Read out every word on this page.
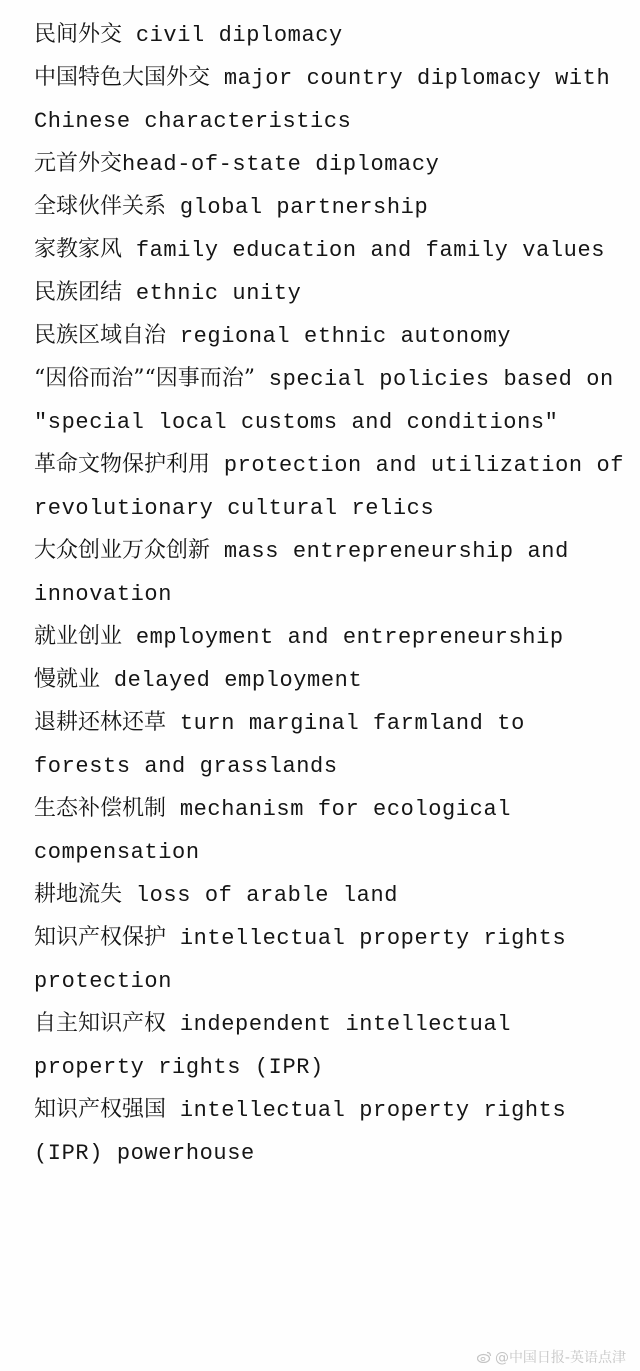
民间外交 civil diplomacy
中国特色大国外交 major country diplomacy with Chinese characteristics
元首外交head-of-state diplomacy
全球伙伴关系 global partnership
家教家风 family education and family values
民族团结 ethnic unity
民族区域自治 regional ethnic autonomy
“因俗而治”“因事而治” special policies based on "special local customs and conditions"
革命文物保护利用 protection and utilization of revolutionary cultural relics
大众创业万众创新 mass entrepreneurship and innovation
就业创业 employment and entrepreneurship
慢就业 delayed employment
退耕还林还草 turn marginal farmland to forests and grasslands
生态补偿机制 mechanism for ecological compensation
耕地流失 loss of arable land
知识产权保护 intellectual property rights protection
自主知识产权 independent intellectual property rights (IPR)
知识产权强国 intellectual property rights (IPR) powerhouse
@中国日报-英语点津
